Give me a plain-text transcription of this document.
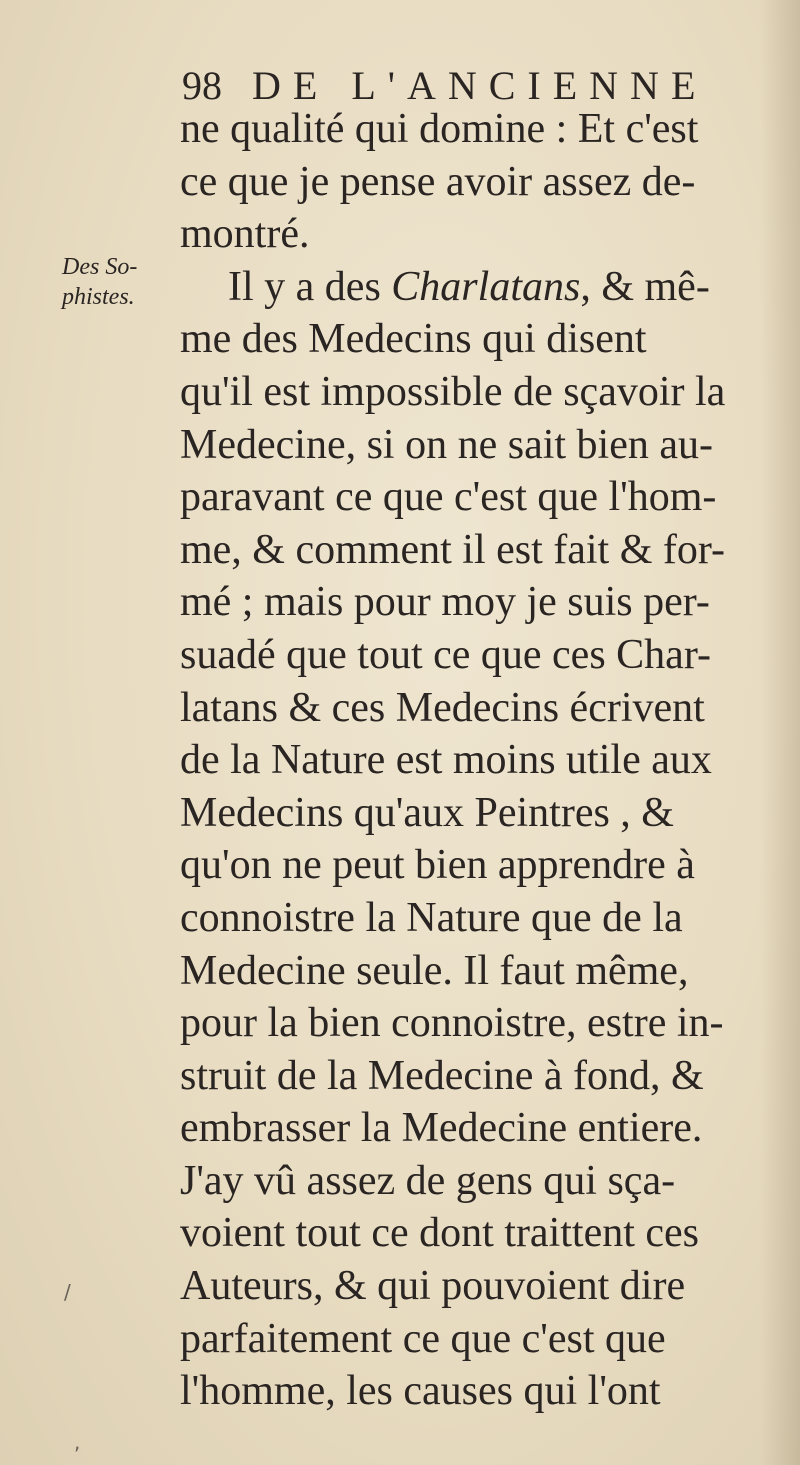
98 DE L'ANCIENNE
Des So-
phistes.
ne qualité qui domine : Et c'est
ce que je pense avoir assez de-
montré.
Il y a des Charlatans, & mê-
me des Medecins qui disent
qu'il est impossible de sçavoir la
Medecine, si on ne sait bien au-
paravant ce que c'est que l'hom-
me, & comment il est fait & for-
mé ; mais pour moy je suis per-
suadé que tout ce que ces Char-
latans & ces Medecins écrivent
de la Nature est moins utile aux
Medecins qu'aux Peintres , &
qu'on ne peut bien apprendre à
connoistre la Nature que de la
Medecine seule. Il faut même,
pour la bien connoistre, estre in-
struit de la Medecine à fond, &
embrasser la Medecine entiere.
J'ay vû assez de gens qui sça-
voient tout ce dont traittent ces
Auteurs, & qui pouvoient dire
parfaitement ce que c'est que
l'homme, les causes qui l'ont
/
,
